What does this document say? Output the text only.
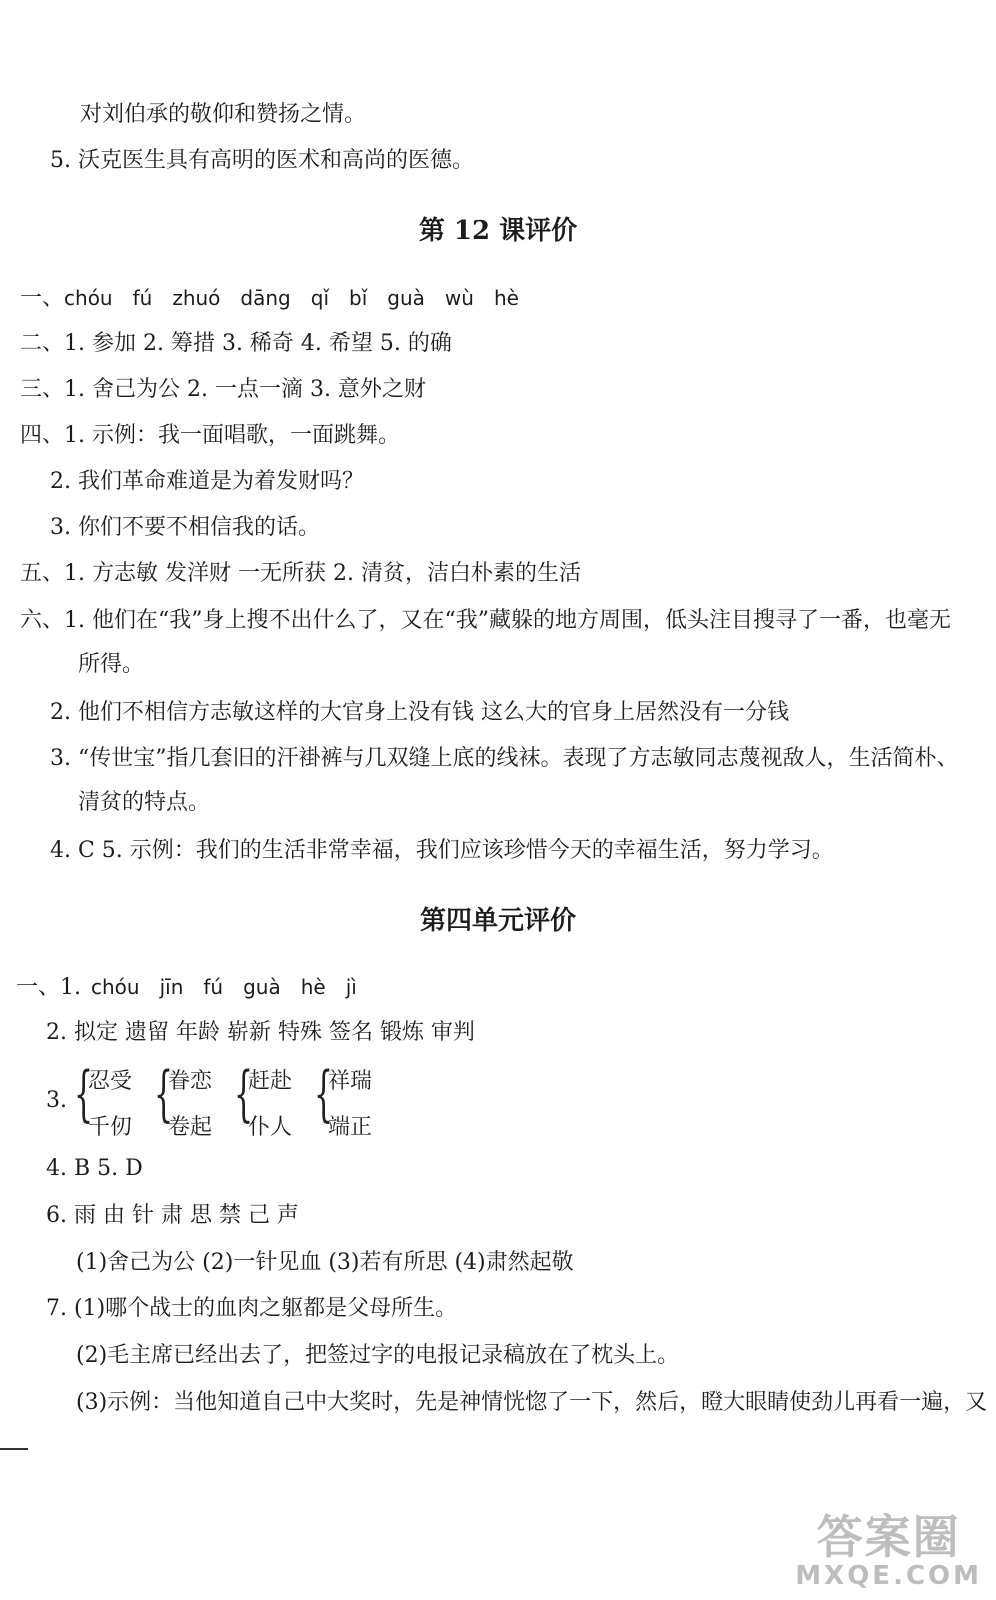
对刘伯承的敬仰和赞扬之情。
5. 沃克医生具有高明的医术和高尚的医德。
第 12 课评价
一、chóu fú zhuó dāng qǐ bǐ guà wù hè
二、1. 参加 2. 筹措 3. 稀奇 4. 希望 5. 的确
三、1. 舍己为公 2. 一点一滴 3. 意外之财
四、1. 示例：我一面唱歌，一面跳舞。
2. 我们革命难道是为着发财吗？
3. 你们不要不相信我的话。
五、1. 方志敏 发洋财 一无所获 2. 清贫，洁白朴素的生活
六、1. 他们在“我”身上搜不出什么了，又在“我”藏躲的地方周围，低头注目搜寻了一番，也毫无
所得。
2. 他们不相信方志敏这样的大官身上没有钱 这么大的官身上居然没有一分钱
3. “传世宝”指几套旧的汗褂裤与几双缝上底的线袜。表现了方志敏同志蔑视敌人，生活简朴、
清贫的特点。
4. C 5. 示例：我们的生活非常幸福，我们应该珍惜今天的幸福生活，努力学习。
第四单元评价
一、1. chóu jīn fú guà hè jì
2. 拟定 遗留 年龄 崭新 特殊 签名 锻炼 审判
3. {
忍受
千仞 {
眷恋
卷起 {
赶赴
仆人 {
祥瑞
端正
4. B 5. D
6. 雨 由 针 肃 思 禁 己 声
(1)舍己为公 (2)一针见血 (3)若有所思 (4)肃然起敬
7. (1)哪个战士的血肉之躯都是父母所生。
(2)毛主席已经出去了，把签过字的电报记录稿放在了枕头上。
(3)示例：当他知道自己中大奖时，先是神情恍惚了一下，然后，瞪大眼睛使劲儿再看一遍，又
答案圈
MXQE.COM
